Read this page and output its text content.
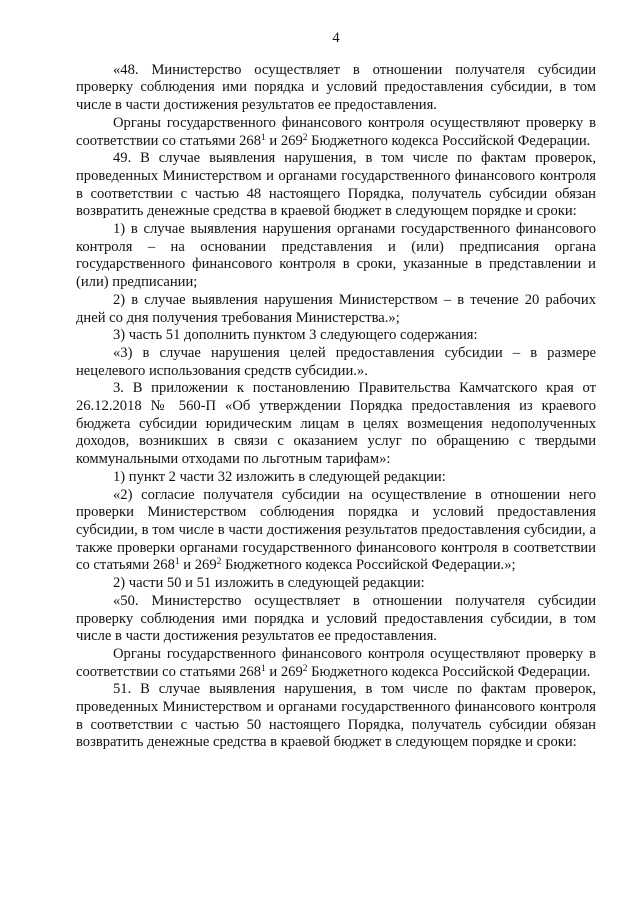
4

«48. Министерство осуществляет в отношении получателя субсидии проверку соблюдения ими порядка и условий предоставления субсидии, в том числе в части достижения результатов ее предоставления.

Органы государственного финансового контроля осуществляют проверку в соответствии со статьями $268^1$ и $269^2$ Бюджетного кодекса Российской Федерации.

49. В случае выявления нарушения, в том числе по фактам проверок, проведенных Министерством и органами государственного финансового контроля в соответствии с частью 48 настоящего Порядка, получатель субсидии обязан возвратить денежные средства в краевой бюджет в следующем порядке и сроки:

1) в случае выявления нарушения органами государственного финансового контроля – на основании представления и (или) предписания органа государственного финансового контроля в сроки, указанные в представлении и (или) предписании;

2) в случае выявления нарушения Министерством – в течение 20 рабочих дней со дня получения требования Министерства.»;

3) часть 51 дополнить пунктом 3 следующего содержания:

«3) в случае нарушения целей предоставления субсидии – в размере нецелевого использования средств субсидии.».

3. В приложении к постановлению Правительства Камчатского края от 26.12.2018 № 560-П «Об утверждении Порядка предоставления из краевого бюджета субсидии юридическим лицам в целях возмещения недополученных доходов, возникших в связи с оказанием услуг по обращению с твердыми коммунальными отходами по льготным тарифам»:

1) пункт 2 части 32 изложить в следующей редакции:

«2) согласие получателя субсидии на осуществление в отношении него проверки Министерством соблюдения порядка и условий предоставления субсидии, в том числе в части достижения результатов предоставления субсидии, а также проверки органами государственного финансового контроля в соответствии со статьями $268^1$ и $269^2$ Бюджетного кодекса Российской Федерации.»;

2) части 50 и 51 изложить в следующей редакции:

«50. Министерство осуществляет в отношении получателя субсидии проверку соблюдения ими порядка и условий предоставления субсидии, в том числе в части достижения результатов ее предоставления.

Органы государственного финансового контроля осуществляют проверку в соответствии со статьями $268^1$ и $269^2$ Бюджетного кодекса Российской Федерации.

51. В случае выявления нарушения, в том числе по фактам проверок, проведенных Министерством и органами государственного финансового контроля в соответствии с частью 50 настоящего Порядка, получатель субсидии обязан возвратить денежные средства в краевой бюджет в следующем порядке и сроки:
